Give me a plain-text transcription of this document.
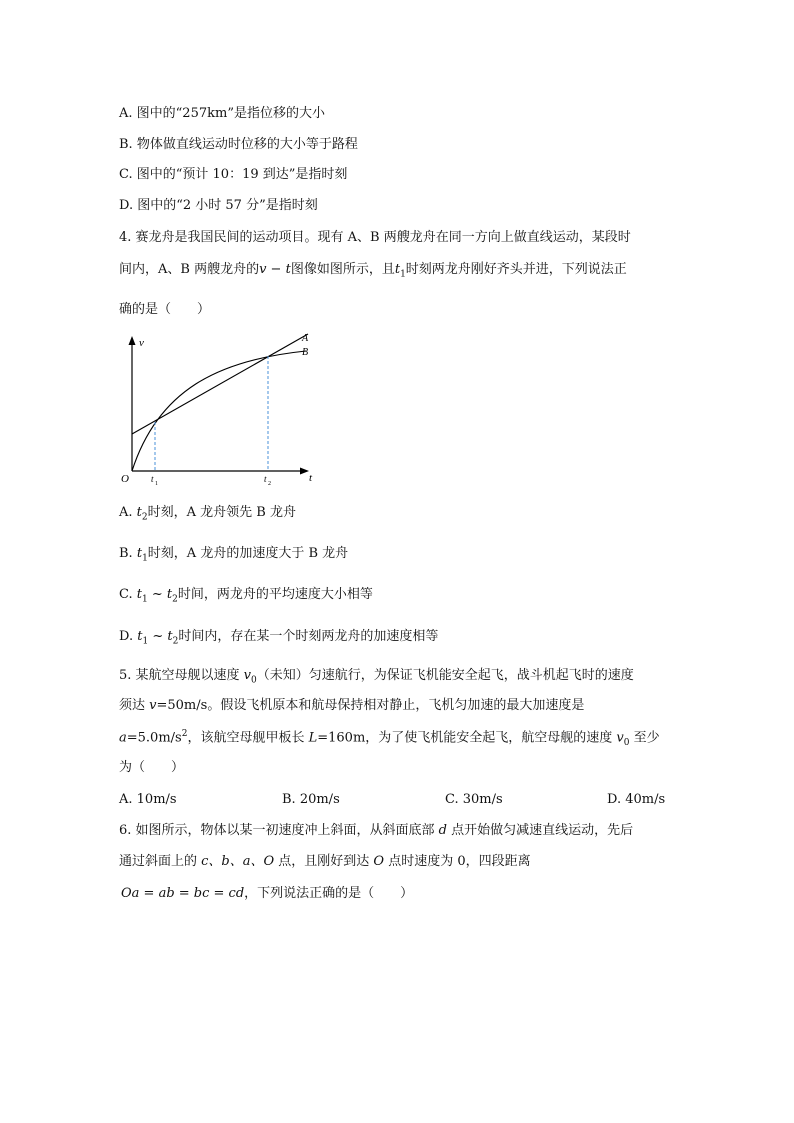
A. 图中的“257km”是指位移的大小
B. 物体做直线运动时位移的大小等于路程
C. 图中的“预计 10：19 到达”是指时刻
D. 图中的“2 小时 57 分”是指时刻
4. 赛龙舟是我国民间的运动项目。现有 A、B 两艘龙舟在同一方向上做直线运动，某段时
间内，A、B 两艘龙舟的v − t图像如图所示，且$t_1$时刻两龙舟刚好齐头并进，下列说法正
确的是（　　）
v
t
O
A
B
t 1	t 2
A. $t_2$时刻，A 龙舟领先 B 龙舟
B. $t_1$时刻，A 龙舟的加速度大于 B 龙舟
C. $t_1$ ~ $t_2$时间，两龙舟的平均速度大小相等
D. $t_1$ ~ $t_2$时间内，存在某一个时刻两龙舟的加速度相等
5. 某航空母舰以速度 $v_0$（未知）匀速航行，为保证飞机能安全起飞，战斗机起飞时的速度
须达 v=50m/s。假设飞机原本和航母保持相对静止，飞机匀加速的最大加速度是
$a=5.0m/s^2$，该航空母舰甲板长 L=160m，为了使飞机能安全起飞，航空母舰的速度 $v_0$ 至少
为（　　）
A. 10m/s	B. 20m/s	C. 30m/s	D. 40m/s
6. 如图所示，物体以某一初速度冲上斜面，从斜面底部 d 点开始做匀减速直线运动，先后
通过斜面上的 c、b、a、O 点，且刚好到达 O 点时速度为 0，四段距离
Oa = ab = bc = cd，下列说法正确的是（　　）
